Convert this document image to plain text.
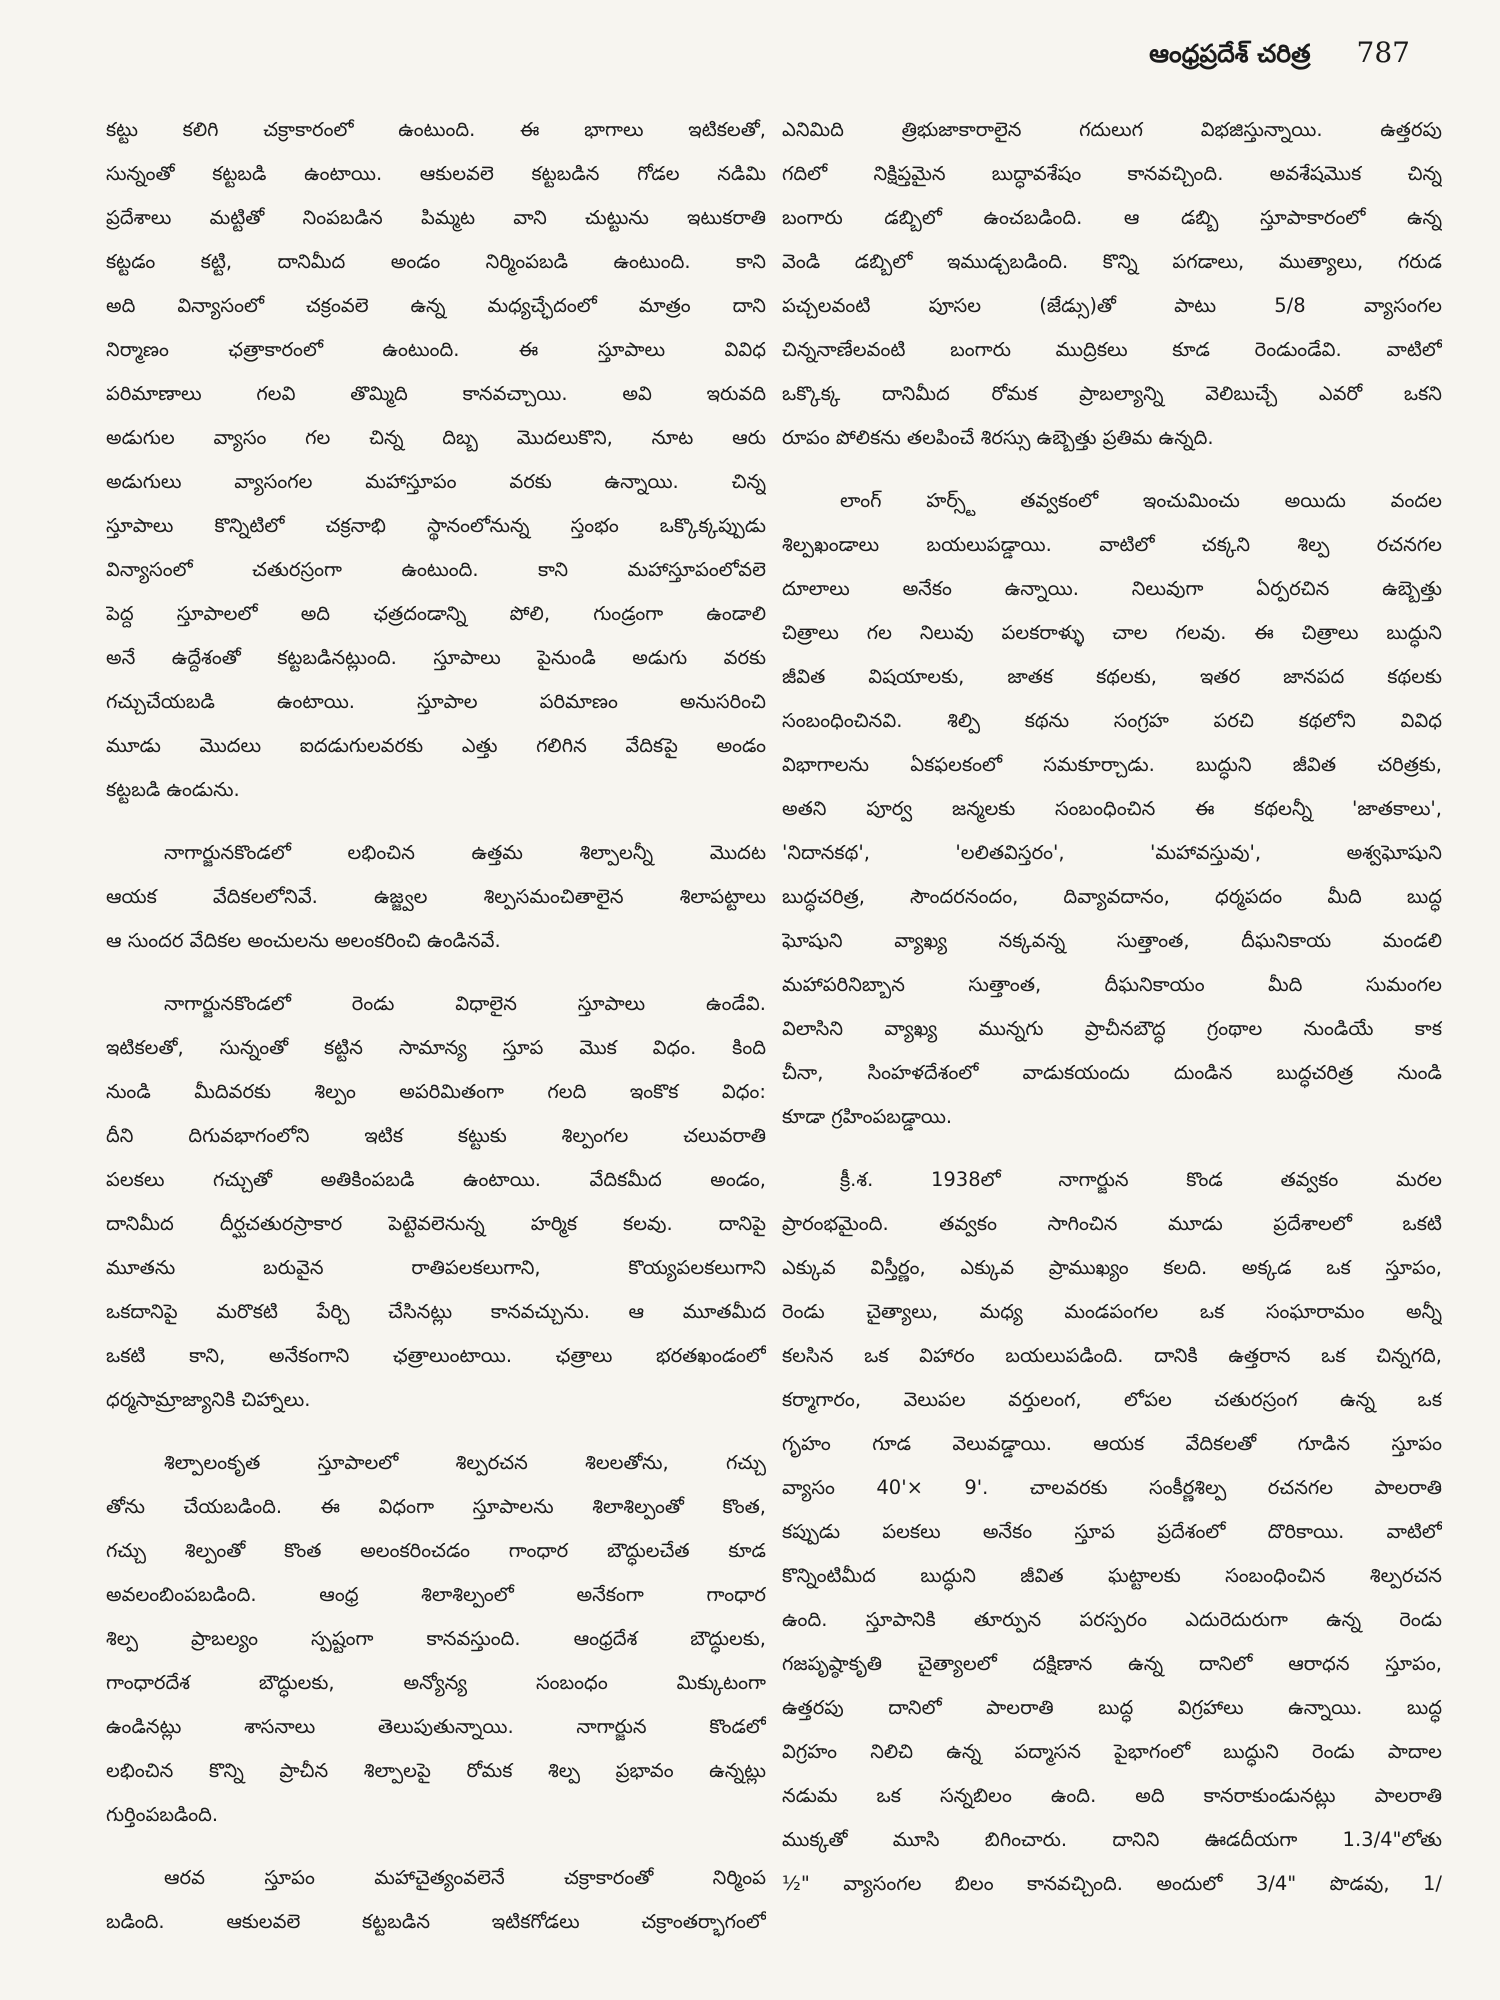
ఆంధ్రప్రదేశ్ చరిత్ర 787
కట్టు కలిగి చక్రాకారంలో ఉంటుంది. ఈ భాగాలు ఇటికలతో,
సున్నంతో కట్టబడి ఉంటాయి. ఆకులవలె కట్టబడిన గోడల నడిమి
ప్రదేశాలు మట్టితో నింపబడిన పిమ్మట వాని చుట్టును ఇటుకరాతి
కట్టడం కట్టి, దానిమీద అండం నిర్మింపబడి ఉంటుంది. కాని
అది విన్యాసంలో చక్రంవలె ఉన్న మధ్యచ్ఛేదంలో మాత్రం దాని
నిర్మాణం ఛత్రాకారంలో ఉంటుంది. ఈ స్తూపాలు వివిధ
పరిమాణాలు గలవి తొమ్మిది కానవచ్చాయి. అవి ఇరువది
అడుగుల వ్యాసం గల చిన్న దిబ్బ మొదలుకొని, నూట ఆరు
అడుగులు వ్యాసంగల మహాస్తూపం వరకు ఉన్నాయి. చిన్న
స్తూపాలు కొన్నిటిలో చక్రనాభి స్థానంలోనున్న స్తంభం ఒక్కొక్కప్పుడు
విన్యాసంలో చతురస్రంగా ఉంటుంది. కాని మహాస్తూపంలోవలె
పెద్ద స్తూపాలలో అది ఛత్రదండాన్ని పోలి, గుండ్రంగా ఉండాలి
అనే ఉద్దేశంతో కట్టబడినట్లుంది. స్తూపాలు పైనుండి అడుగు వరకు
గచ్చుచేయబడి ఉంటాయి. స్తూపాల పరిమాణం అనుసరించి
మూడు మొదలు ఐదడుగులవరకు ఎత్తు గలిగిన వేదికపై అండం
కట్టబడి ఉండును.
నాగార్జునకొండలో లభించిన ఉత్తమ శిల్పాలన్నీ మొదట
ఆయక వేదికలలోనివే. ఉజ్జ్వల శిల్పసమంచితాలైన శిలాపట్టాలు
ఆ సుందర వేదికల అంచులను అలంకరించి ఉండినవే.
నాగార్జునకొండలో రెండు విధాలైన స్తూపాలు ఉండేవి.
ఇటికలతో, సున్నంతో కట్టిన సామాన్య స్తూప మొక విధం. కింది
నుండి మీదివరకు శిల్పం అపరిమితంగా గలది ఇంకొక విధం:
దీని దిగువభాగంలోని ఇటిక కట్టుకు శిల్పంగల చలువరాతి
పలకలు గచ్చుతో అతికింపబడి ఉంటాయి. వేదికమీద అండం,
దానిమీద దీర్ఘచతురస్రాకార పెట్టెవలెనున్న హర్మిక కలవు. దానిపై
మూతను బరువైన రాతిపలకలుగాని, కొయ్యపలకలుగాని
ఒకదానిపై మరొకటి పేర్చి చేసినట్లు కానవచ్చును. ఆ మూతమీద
ఒకటి కాని, అనేకంగాని ఛత్రాలుంటాయి. ఛత్రాలు భరతఖండంలో
ధర్మసామ్రాజ్యానికి చిహ్నాలు.
శిల్పాలంకృత స్తూపాలలో శిల్పరచన శిలలతోను, గచ్చు
తోను చేయబడింది. ఈ విధంగా స్తూపాలను శిలాశిల్పంతో కొంత,
గచ్చు శిల్పంతో కొంత అలంకరించడం గాంధార బౌద్ధులచేత కూడ
అవలంబింపబడింది. ఆంధ్ర శిలాశిల్పంలో అనేకంగా గాంధార
శిల్ప ప్రాబల్యం స్పష్టంగా కానవస్తుంది. ఆంధ్రదేశ బౌద్ధులకు,
గాంధారదేశ బౌద్ధులకు, అన్యోన్య సంబంధం మిక్కుటంగా
ఉండినట్లు శాసనాలు తెలుపుతున్నాయి. నాగార్జున కొండలో
లభించిన కొన్ని ప్రాచీన శిల్పాలపై రోమక శిల్ప ప్రభావం ఉన్నట్లు
గుర్తింపబడింది.
ఆరవ స్తూపం మహాచైత్యంవలెనే చక్రాకారంతో నిర్మింప
బడింది. ఆకులవలె కట్టబడిన ఇటికగోడలు చక్రాంతర్భాగంలో
ఎనిమిది త్రిభుజాకారాలైన గదులుగ విభజిస్తున్నాయి. ఉత్తరపు
గదిలో నిక్షిప్తమైన బుద్ధావశేషం కానవచ్చింది. అవశేషమొక చిన్న
బంగారు డబ్బిలో ఉంచబడింది. ఆ డబ్బి స్తూపాకారంలో ఉన్న
వెండి డబ్బిలో ఇముడ్చబడింది. కొన్ని పగడాలు, ముత్యాలు, గరుడ
పచ్చలవంటి పూసల (జేడ్సు)తో పాటు 5/8 వ్యాసంగల
చిన్ననాణేలవంటి బంగారు ముద్రికలు కూడ రెండుండేవి. వాటిలో
ఒక్కొక్క దానిమీద రోమక ప్రాబల్యాన్ని వెలిబుచ్చే ఎవరో ఒకని
రూపం పోలికను తలపించే శిరస్సు ఉబ్బెత్తు ప్రతిమ ఉన్నది.
లాంగ్ హర్స్ట్ తవ్వకంలో ఇంచుమించు అయిదు వందల
శిల్పఖండాలు బయలుపడ్డాయి. వాటిలో చక్కని శిల్ప రచనగల
దూలాలు అనేకం ఉన్నాయి. నిలువుగా ఏర్పరచిన ఉబ్బెత్తు
చిత్రాలు గల నిలువు పలకరాళ్ళు చాల గలవు. ఈ చిత్రాలు బుద్ధుని
జీవిత విషయాలకు, జాతక కథలకు, ఇతర జానపద కథలకు
సంబంధించినవి. శిల్పి కథను సంగ్రహ పరచి కథలోని వివిధ
విభాగాలను ఏకఫలకంలో సమకూర్చాడు. బుద్ధుని జీవిత చరిత్రకు,
అతని పూర్వ జన్మలకు సంబంధించిన ఈ కథలన్నీ 'జాతకాలు',
'నిదానకథ', 'లలితవిస్తరం', 'మహావస్తువు', అశ్వఘోషుని
బుద్ధచరిత్ర, సౌందరనందం, దివ్యావదానం, ధర్మపదం మీది బుద్ధ
ఘోషుని వ్యాఖ్య నక్కవన్న సుత్తాంత, దీఘనికాయ మండలి
మహాపరినిబ్బాన సుత్తాంత, దీఘనికాయం మీది సుమంగల
విలాసిని వ్యాఖ్య మున్నగు ప్రాచీనబౌద్ధ గ్రంథాల నుండియే కాక
చీనా, సింహళదేశంలో వాడుకయందు దుండిన బుద్ధచరిత్ర నుండి
కూడా గ్రహింపబడ్డాయి.
క్రీ.శ. 1938లో నాగార్జున కొండ తవ్వకం మరల
ప్రారంభమైంది. తవ్వకం సాగించిన మూడు ప్రదేశాలలో ఒకటి
ఎక్కువ విస్తీర్ణం, ఎక్కువ ప్రాముఖ్యం కలది. అక్కడ ఒక స్తూపం,
రెండు చైత్యాలు, మధ్య మండపంగల ఒక సంఘారామం అన్నీ
కలసిన ఒక విహారం బయలుపడింది. దానికి ఉత్తరాన ఒక చిన్నగది,
కర్మాగారం, వెలుపల వర్తులంగ, లోపల చతురస్రంగ ఉన్న ఒక
గృహం గూడ వెలువడ్డాయి. ఆయక వేదికలతో గూడిన స్తూపం
వ్యాసం 40'× 9'. చాలవరకు సంకీర్ణశిల్ప రచనగల పాలరాతి
కప్పుడు పలకలు అనేకం స్తూప ప్రదేశంలో దొరికాయి. వాటిలో
కొన్నింటిమీద బుద్ధుని జీవిత ఘట్టాలకు సంబంధించిన శిల్పరచన
ఉంది. స్తూపానికి తూర్పున పరస్పరం ఎదురెదురుగా ఉన్న రెండు
గజపృష్ఠాకృతి చైత్యాలలో దక్షిణాన ఉన్న దానిలో ఆరాధన స్తూపం,
ఉత్తరపు దానిలో పాలరాతి బుద్ధ విగ్రహాలు ఉన్నాయి. బుద్ధ
విగ్రహం నిలిచి ఉన్న పద్మాసన పైభాగంలో బుద్ధుని రెండు పాదాల
నడుమ ఒక సన్నబిలం ఉంది. అది కానరాకుండునట్లు పాలరాతి
ముక్కతో మూసి బిగించారు. దానిని ఊడదీయగా 1.3/4"లోతు
½" వ్యాసంగల బిలం కానవచ్చింది. అందులో 3/4" పొడవు, 1/
